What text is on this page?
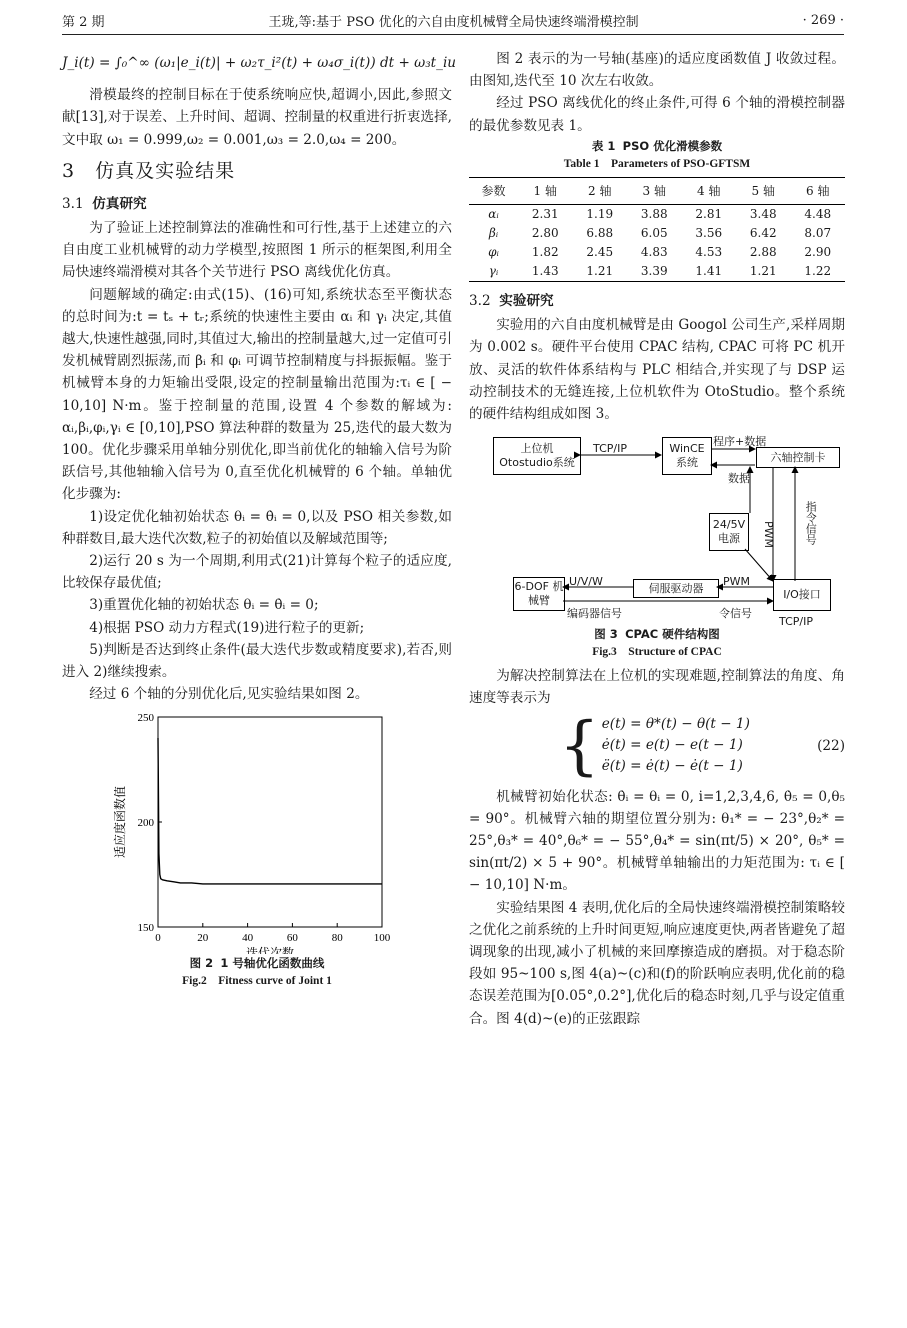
第 2 期	王珑,等:基于 PSO 优化的六自由度机械臂全局快速终端滑模控制	· 269 ·
J_i(t) = ∫₀^∞ (ω₁|e_i(t)| + ω₂τ_i²(t) + ω₄σ_i(t)) dt + ω₃t_iu

滑模最终的控制目标在于使系统响应快,超调小,因此,参照文献[13],对于误差、上升时间、超调、控制量的权重进行折衷选择,文中取 ω₁ = 0.999,ω₂ = 0.001,ω₃ = 2.0,ω₄ = 200。

3　仿真及实验结果
3.1 仿真研究

为了验证上述控制算法的准确性和可行性,基于上述建立的六自由度工业机械臂的动力学模型,按照图 1 所示的框架图,利用全局快速终端滑模对其各个关节进行 PSO 离线优化仿真。

问题解域的确定:由式(15)、(16)可知,系统状态至平衡状态的总时间为:t = tₛ + tᵣ;系统的快速性主要由 αᵢ 和 γᵢ 决定,其值越大,快速性越强,同时,其值过大,输出的控制量越大,过一定值可引发机械臂剧烈振荡,而 βᵢ 和 φᵢ 可调节控制精度与抖振振幅。鉴于机械臂本身的力矩输出受限,设定的控制量输出范围为:τᵢ ∈ [ − 10,10] N·m。鉴于控制量的范围,设置 4 个参数的解域为: αᵢ,βᵢ,φᵢ,γᵢ ∈ [0,10],PSO 算法种群的数量为 25,迭代的最大数为 100。优化步骤采用单轴分别优化,即当前优化的轴输入信号为阶跃信号,其他轴输入信号为 0,直至优化机械臂的 6 个轴。单轴优化步骤为:

1)设定优化轴初始状态 θᵢ = θ̇ᵢ = 0,以及 PSO 相关参数,如种群数目,最大迭代次数,粒子的初始值以及解域范围等;

2)运行 20 s 为一个周期,利用式(21)计算每个粒子的适应度,比较保存最优值;

3)重置优化轴的初始状态 θᵢ = θ̇ᵢ = 0;

4)根据 PSO 动力方程式(19)进行粒子的更新;

5)判断是否达到终止条件(最大迭代步数或精度要求),若否,则进入 2)继续搜索。

经过 6 个轴的分别优化后,见实验结果如图 2。

0	20	40	60	80	100
150
200
250
迭代次数
适应度函数值
图 2 1 号轴优化函数曲线
Fig.2　Fitness curve of Joint 1

图 2 表示的为一号轴(基座)的适应度函数值 J 收敛过程。由图知,迭代至 10 次左右收敛。

经过 PSO 离线优化的终止条件,可得 6 个轴的滑模控制器的最优参数见表 1。

表 1 PSO 优化滑模参数
Table 1　Parameters of PSO-GFTSM
参数	1 轴	2 轴	3 轴	4 轴	5 轴	6 轴
αᵢ	2.31	1.19	3.88	2.81	3.48	4.48
βᵢ	2.80	6.88	6.05	3.56	6.42	8.07
φᵢ	1.82	2.45	4.83	4.53	2.88	2.90
γᵢ	1.43	1.21	3.39	1.41	1.21	1.22
3.2 实验研究

实验用的六自由度机械臂是由 Googol 公司生产,采样周期为 0.002 s。硬件平台使用 CPAC 结构, CPAC 可将 PC 机开放、灵活的软件体系结构与 PLC 相结合,并实现了与 DSP 运动控制技术的无缝连接,上位机软件为 OtoStudio。整个系统的硬件结构组成如图 3。

上位机 Otostudio系统
TCP/IP	WinCE 系统
程序+数据
数据
六轴控制卡
24/5V 电源	PWM	指令信号
6-DOF 机械臂
U/V/W	伺服驱动器	PWM
I/O接口
编码器信号	令信号
TCP/IP
图 3 CPAC 硬件结构图
Fig.3　Structure of CPAC

为解决控制算法在上位机的实现难题,控制算法的角度、角速度等表示为

{ e(t) = θ*(t) − θ(t − 1)
ė(t) = e(t) − e(t − 1)
ë(t) = ė(t) − ė(t − 1)
(22)

机械臂初始化状态: θ̇ᵢ = θᵢ = 0, i=1,2,3,4,6, θ̇₅ = 0,θ₅ = 90°。机械臂六轴的期望位置分别为: θ₁* = − 23°,θ₂* = 25°,θ₃* = 40°,θ₆* = − 55°,θ₄* = sin(πt/5) × 20°, θ₅* = sin(πt/2) × 5 + 90°。机械臂单轴输出的力矩范围为: τᵢ ∈ [ − 10,10] N·m。

实验结果图 4 表明,优化后的全局快速终端滑模控制策略较之优化之前系统的上升时间更短,响应速度更快,两者皆避免了超调现象的出现,减小了机械的来回摩擦造成的磨损。对于稳态阶段如 95~100 s,图 4(a)~(c)和(f)的阶跃响应表明,优化前的稳态误差范围为[0.05°,0.2°],优化后的稳态时刻,几乎与设定值重合。图 4(d)~(e)的正弦跟踪
